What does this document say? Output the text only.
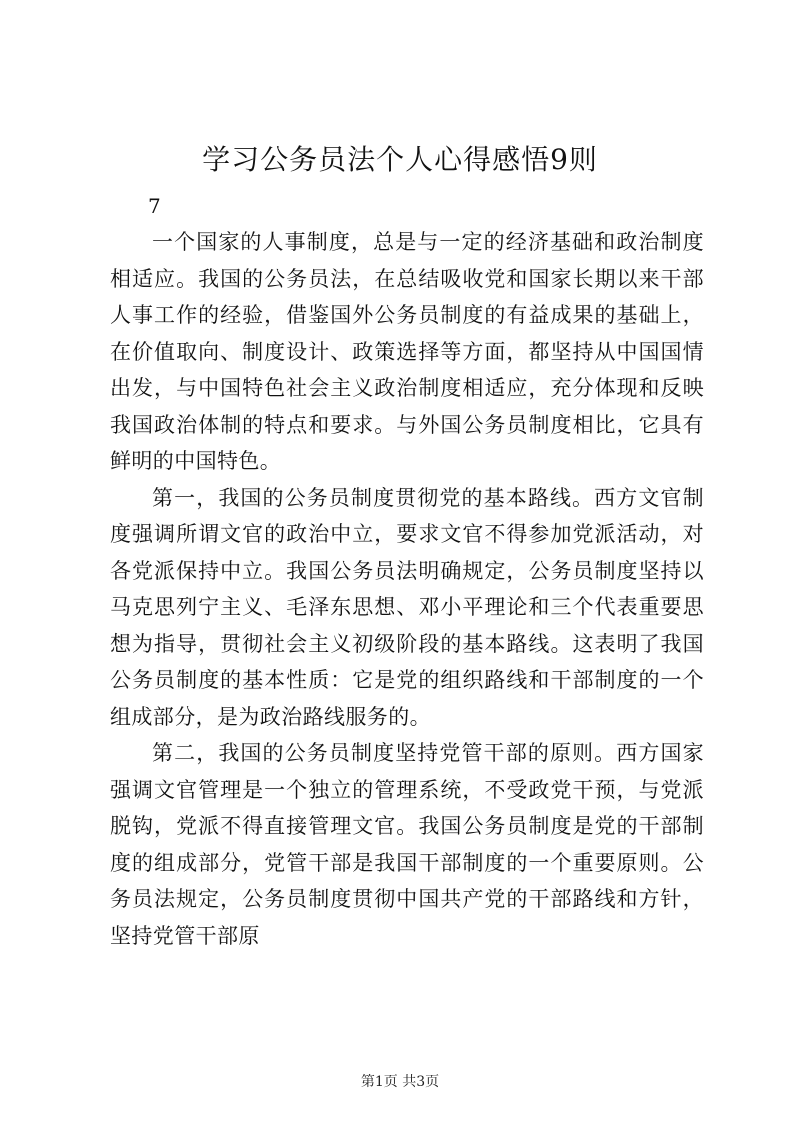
学习公务员法个人心得感悟9则
7

一个国家的人事制度，总是与一定的经济基础和政治制度相适应。我国的公务员法，在总结吸收党和国家长期以来干部人事工作的经验，借鉴国外公务员制度的有益成果的基础上，在价值取向、制度设计、政策选择等方面，都坚持从中国国情出发，与中国特色社会主义政治制度相适应，充分体现和反映我国政治体制的特点和要求。与外国公务员制度相比，它具有鲜明的中国特色。

第一，我国的公务员制度贯彻党的基本路线。西方文官制度强调所谓文官的政治中立，要求文官不得参加党派活动，对各党派保持中立。我国公务员法明确规定，公务员制度坚持以马克思列宁主义、毛泽东思想、邓小平理论和三个代表重要思想为指导，贯彻社会主义初级阶段的基本路线。这表明了我国公务员制度的基本性质：它是党的组织路线和干部制度的一个组成部分，是为政治路线服务的。

第二，我国的公务员制度坚持党管干部的原则。西方国家强调文官管理是一个独立的管理系统，不受政党干预，与党派脱钩，党派不得直接管理文官。我国公务员制度是党的干部制度的组成部分，党管干部是我国干部制度的一个重要原则。公务员法规定，公务员制度贯彻中国共产党的干部路线和方针，坚持党管干部原

第1页 共3页
